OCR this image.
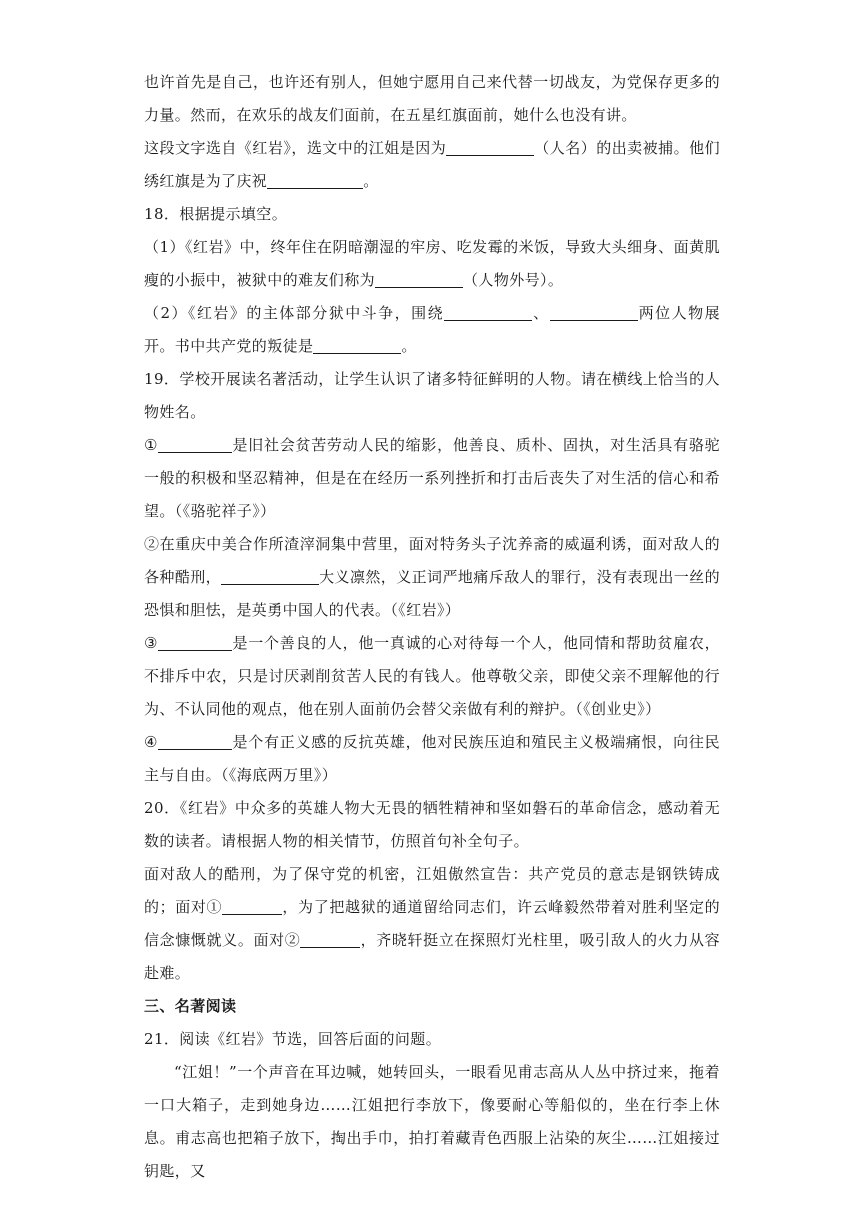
也许首先是自己，也许还有别人，但她宁愿用自己来代替一切战友，为党保存更多的力量。然而，在欢乐的战友们面前，在五星红旗面前，她什么也没有讲。

这段文字选自《红岩》，选文中的江姐是因为	（人名）的出卖被捕。他们绣红旗是为了庆祝	。

18．根据提示填空。

（1）《红岩》中，终年住在阴暗潮湿的牢房、吃发霉的米饭，导致大头细身、面黄肌瘦的小振中，被狱中的难友们称为	（人物外号）。

（2）《红岩》的主体部分狱中斗争，围绕	、	两位人物展开。书中共产党的叛徒是	。

19．学校开展读名著活动，让学生认识了诸多特征鲜明的人物。请在横线上恰当的人物姓名。

①	是旧社会贫苦劳动人民的缩影，他善良、质朴、固执，对生活具有骆驼一般的积极和坚忍精神，但是在在经历一系列挫折和打击后丧失了对生活的信心和希望。（《骆驼祥子》）

②在重庆中美合作所渣滓洞集中营里，面对特务头子沈养斋的威逼利诱，面对敌人的各种酷刑，	大义凛然，义正词严地痛斥敌人的罪行，没有表现出一丝的恐惧和胆怯，是英勇中国人的代表。（《红岩》）

③	是一个善良的人，他一真诚的心对待每一个人，他同情和帮助贫雇农，不排斥中农，只是讨厌剥削贫苦人民的有钱人。他尊敬父亲，即使父亲不理解他的行为、不认同他的观点，他在别人面前仍会替父亲做有利的辩护。（《创业史》）

④	是个有正义感的反抗英雄，他对民族压迫和殖民主义极端痛恨，向往民主与自由。（《海底两万里》）

20．《红岩》中众多的英雄人物大无畏的牺牲精神和坚如磐石的革命信念，感动着无数的读者。请根据人物的相关情节，仿照首句补全句子。

面对敌人的酷刑，为了保守党的机密，江姐傲然宣告：共产党员的意志是钢铁铸成的；面对①	，为了把越狱的通道留给同志们，许云峰毅然带着对胜利坚定的信念慷慨就义。面对②	，齐晓轩挺立在探照灯光柱里，吸引敌人的火力从容赴难。

三、名著阅读

21．阅读《红岩》节选，回答后面的问题。

“江姐！”一个声音在耳边喊，她转回头，一眼看见甫志高从人丛中挤过来，拖着一口大箱子，走到她身边……江姐把行李放下，像要耐心等船似的，坐在行李上休息。甫志高也把箱子放下，掏出手巾，拍打着藏青色西服上沾染的灰尘……江姐接过钥匙，又
